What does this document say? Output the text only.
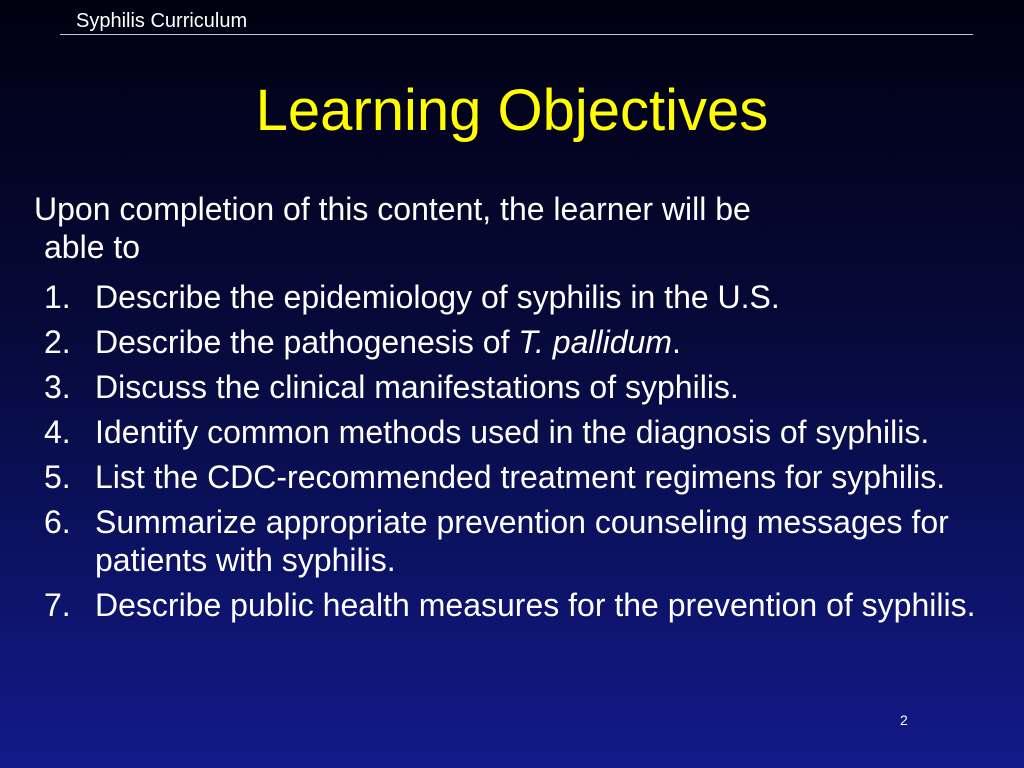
Syphilis Curriculum
Learning Objectives
Upon completion of this content, the learner will be
able to
1. Describe the epidemiology of syphilis in the U.S.
2. Describe the pathogenesis of T. pallidum.
3. Discuss the clinical manifestations of syphilis.
4. Identify common methods used in the diagnosis of syphilis.
5. List the CDC-recommended treatment regimens for syphilis.
6. Summarize appropriate prevention counseling messages for patients with syphilis.
7. Describe public health measures for the prevention of syphilis.
2
